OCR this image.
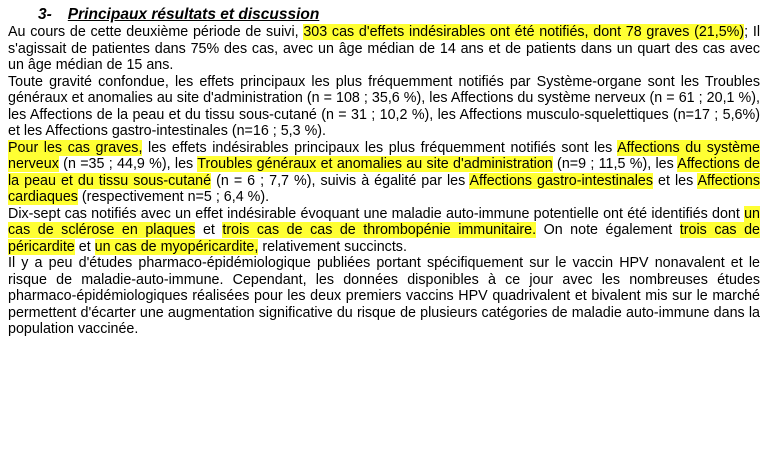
3- Principaux résultats et discussion

Au cours de cette deuxième période de suivi, 303 cas d'effets indésirables ont été notifiés, dont 78 graves (21,5%); Il s'agissait de patientes dans 75% des cas, avec un âge médian de 14 ans et de patients dans un quart des cas avec un âge médian de 15 ans.

Toute gravité confondue, les effets principaux les plus fréquemment notifiés par Système-organe sont les Troubles généraux et anomalies au site d'administration (n = 108 ; 35,6 %), les Affections du système nerveux (n = 61 ; 20,1 %), les Affections de la peau et du tissu sous-cutané (n = 31 ; 10,2 %), les Affections musculo-squelettiques (n=17 ; 5,6%) et les Affections gastro-intestinales (n=16 ; 5,3 %).

Pour les cas graves, les effets indésirables principaux les plus fréquemment notifiés sont les Affections du système nerveux (n =35 ; 44,9 %), les Troubles généraux et anomalies au site d'administration (n=9 ; 11,5 %), les Affections de la peau et du tissu sous-cutané (n = 6 ; 7,7 %), suivis à égalité par les Affections gastro-intestinales et les Affections cardiaques (respectivement n=5 ; 6,4 %).

Dix-sept cas notifiés avec un effet indésirable évoquant une maladie auto-immune potentielle ont été identifiés dont un cas de sclérose en plaques et trois cas de cas de thrombopénie immunitaire. On note également trois cas de péricardite et un cas de myopéricardite, relativement succincts.

Il y a peu d'études pharmaco-épidémiologique publiées portant spécifiquement sur le vaccin HPV nonavalent et le risque de maladie-auto-immune. Cependant, les données disponibles à ce jour avec les nombreuses études pharmaco-épidémiologiques réalisées pour les deux premiers vaccins HPV quadrivalent et bivalent mis sur le marché permettent d'écarter une augmentation significative du risque de plusieurs catégories de maladie auto-immune dans la population vaccinée.
